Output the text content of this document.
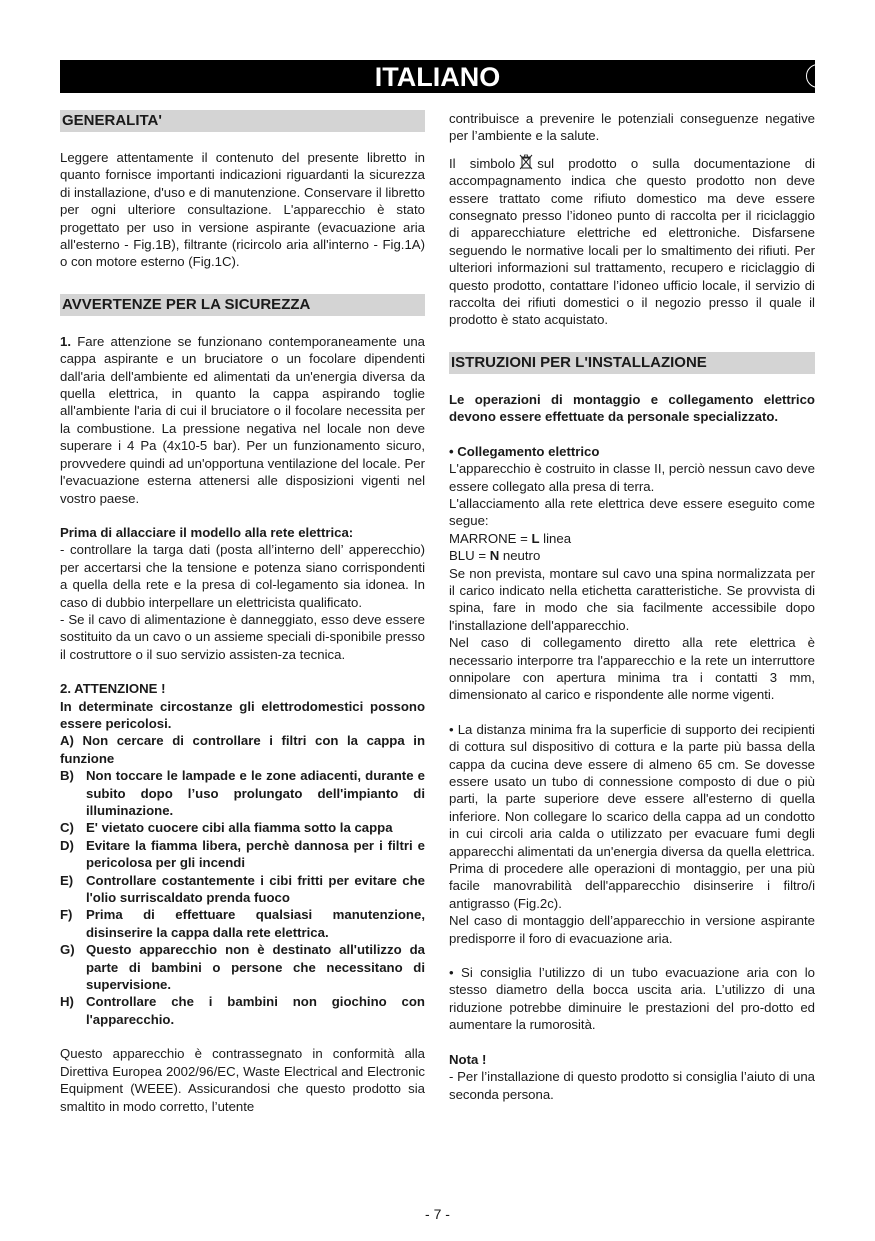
ITALIANO	I
GENERALITA'

Leggere attentamente il contenuto del presente libretto in quanto fornisce importanti indicazioni riguardanti la sicurezza di installazione, d'uso e di manutenzione. Conservare il libretto per ogni ulteriore consultazione. L'apparecchio è stato progettato per uso in versione aspirante (evacuazione aria all'esterno - Fig.1B), filtrante (ricircolo aria all'interno - Fig.1A) o con motore esterno (Fig.1C).

AVVERTENZE PER LA SICUREZZA

1. Fare attenzione se funzionano contemporaneamente una cappa aspirante e un bruciatore o un focolare dipendenti dall'aria dell'ambiente ed alimentati da un'energia diversa da quella elettrica, in quanto la cappa aspirando toglie all'ambiente l'aria di cui il bruciatore o il focolare necessita per la combustione. La pressione negativa nel locale non deve superare i 4 Pa (4x10-5 bar). Per un funzionamento sicuro, provvedere quindi ad un'opportuna ventilazione del locale. Per l'evacuazione esterna attenersi alle disposizioni vigenti nel vostro paese.

Prima di allacciare il modello alla rete elettrica:

- controllare la targa dati (posta all’interno dell’ apperecchio) per accertarsi che la tensione e potenza siano corrispondenti a quella della rete e la presa di col-legamento sia idonea. In caso di dubbio interpellare un elettricista qualificato.

- Se il cavo di alimentazione è danneggiato, esso deve essere sostituito da un cavo o un assieme speciali di-sponibile presso il costruttore o il suo servizio assisten-za tecnica.

2. ATTENZIONE !

In determinate circostanze gli elettrodomestici possono essere pericolosi.

A) Non cercare di controllare i filtri con la cappa in funzione

B) Non toccare le lampade e le zone adiacenti, durante e subito dopo l’uso prolungato dell'impianto di illuminazione.
C) E' vietato cuocere cibi alla fiamma sotto la cappa
D) Evitare la fiamma libera, perchè dannosa per i filtri e pericolosa per gli incendi
E) Controllare costantemente i cibi fritti per evitare che l'olio surriscaldato prenda fuoco
F)	Prima di effettuare qualsiasi manutenzione, disinserire la cappa dalla rete elettrica.
G) Questo apparecchio non è destinato all'utilizzo da parte di bambini o persone che necessitano di supervisione.
H) Controllare che i bambini non giochino con l'apparecchio.

Questo apparecchio è contrassegnato in conformità alla Direttiva Europea 2002/96/EC, Waste Electrical and Electronic Equipment (WEEE). Assicurandosi che questo prodotto sia smaltito in modo corretto, l’utente

contribuisce a prevenire le potenziali conseguenze negative per l’ambiente e la salute.

Il simbolo sul prodotto o sulla documentazione di accompagnamento indica che questo prodotto non deve essere trattato come rifiuto domestico ma deve essere consegnato presso l’idoneo punto di raccolta per il riciclaggio di apparecchiature elettriche ed elettroniche. Disfarsene seguendo le normative locali per lo smaltimento dei rifiuti. Per ulteriori informazioni sul trattamento, recupero e riciclaggio di questo prodotto, contattare l’idoneo ufficio locale, il servizio di raccolta dei rifiuti domestici o il negozio presso il quale il prodotto è stato acquistato.

ISTRUZIONI PER L'INSTALLAZIONE

Le operazioni di montaggio e collegamento elettrico devono essere effettuate da personale specializzato.

• Collegamento elettrico

L'apparecchio è costruito in classe II, perciò nessun cavo deve essere collegato alla presa di terra.

L'allacciamento alla rete elettrica deve essere eseguito come segue:

MARRONE = L linea

BLU = N neutro

Se non prevista, montare sul cavo una spina normalizzata per il carico indicato nella etichetta caratteristiche. Se provvista di spina, fare in modo che sia facilmente accessibile dopo l'installazione dell'apparecchio.

Nel caso di collegamento diretto alla rete elettrica è necessario interporre tra l'apparecchio e la rete un interruttore onnipolare con apertura minima tra i contatti 3 mm, dimensionato al carico e rispondente alle norme vigenti.

• La distanza minima fra la superficie di supporto dei recipienti di cottura sul dispositivo di cottura e la parte più bassa della cappa da cucina deve essere di almeno 65 cm. Se dovesse essere usato un tubo di connessione composto di due o più parti, la parte superiore deve essere all'esterno di quella inferiore. Non collegare lo scarico della cappa ad un condotto in cui circoli aria calda o utilizzato per evacuare fumi degli apparecchi alimentati da un'energia diversa da quella elettrica. Prima di procedere alle operazioni di montaggio, per una più facile manovrabilità dell'apparecchio disinserire i filtro/i antigrasso (Fig.2c).

Nel caso di montaggio dell’apparecchio in versione aspirante predisporre il foro di evacuazione aria.

• Si consiglia l’utilizzo di un tubo evacuazione aria con lo stesso diametro della bocca uscita aria. L’utilizzo di una riduzione potrebbe diminuire le prestazioni del pro-dotto ed aumentare la rumorosità.

Nota !

- Per l’installazione di questo prodotto si consiglia l’aiuto di una seconda persona.

- 7 -
